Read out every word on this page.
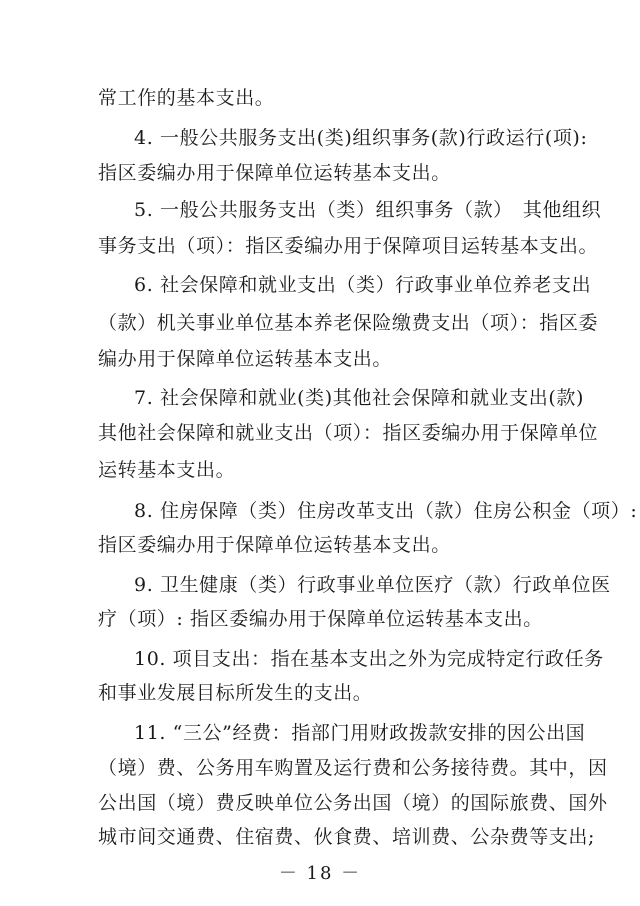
常工作的基本支出。
4. 一般公共服务支出(类)组织事务(款)行政运行(项):
指区委编办用于保障单位运转基本支出。
5. 一般公共服务支出（类）组织事务（款）　其他组织
事务支出（项）：指区委编办用于保障项目运转基本支出。
6. 社会保障和就业支出（类）行政事业单位养老支出
（款）机关事业单位基本养老保险缴费支出（项）：指区委
编办用于保障单位运转基本支出。
7. 社会保障和就业(类)其他社会保障和就业支出(款)
其他社会保障和就业支出（项）：指区委编办用于保障单位
运转基本支出。
8. 住房保障（类）住房改革支出（款）住房公积金（项）:
指区委编办用于保障单位运转基本支出。
9. 卫生健康（类）行政事业单位医疗（款）行政单位医
疗（项）: 指区委编办用于保障单位运转基本支出。
10. 项目支出：指在基本支出之外为完成特定行政任务
和事业发展目标所发生的支出。
11. “三公”经费：指部门用财政拨款安排的因公出国
（境）费、公务用车购置及运行费和公务接待费。其中，因
公出国（境）费反映单位公务出国（境）的国际旅费、国外
城市间交通费、住宿费、伙食费、培训费、公杂费等支出;
－ 18 －
